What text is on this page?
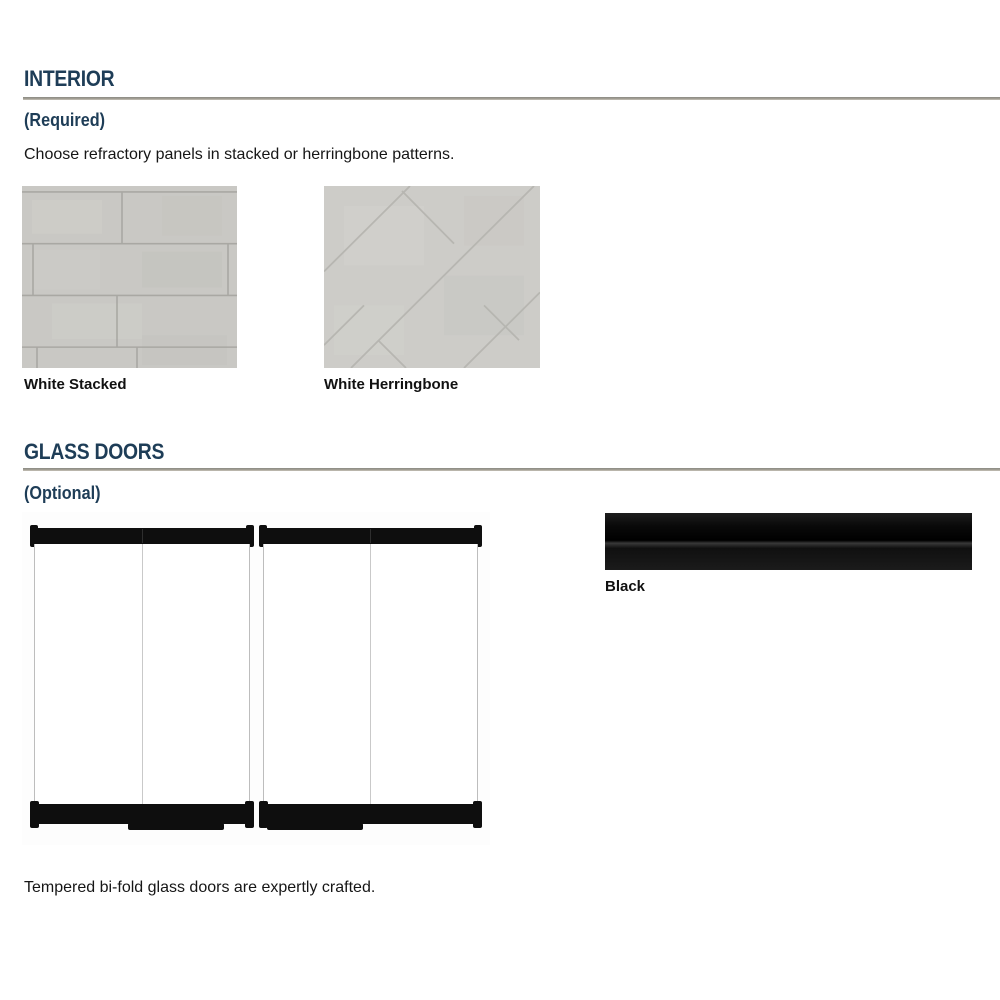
INTERIOR
(Required)
Choose refractory panels in stacked or herringbone patterns.
White Stacked	White Herringbone
GLASS DOORS
(Optional)
Black
Tempered bi-fold glass doors are expertly crafted.
